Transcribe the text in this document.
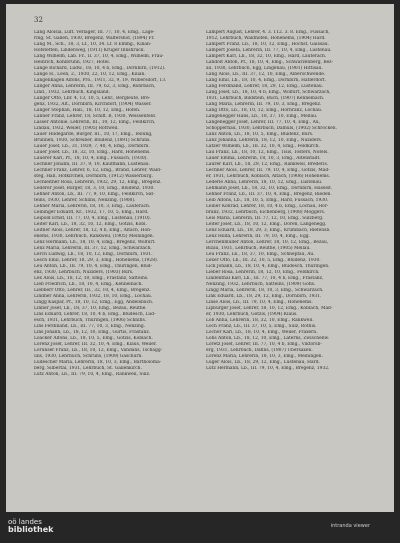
32
Lang Aloisia, Luft. Verlager, III. 77, 10, 4, Emg., Lage-
ring, St. Gallen, 1930, Bregenz, Waltershof, (1894) Fr.
Lang M., Sch., 18, 3, Lf., 10, 34. Lf. 8 Emmg., Kilian-
Hofstetten, Lindenweg, (1911) Kruger Innshruck.
Lang Wilhelm, Lab. Fr., II. 37, 10, 4, Emg., Wilhelm, Frau-
Heinrich, Kohlbrunn, 1927, Hotel.
Lange Richard, Ludw., 18, 10, 4 b, Emg., Dornbirn, (1912).
Lange H., Leon, 2., 1930, 22, 10, 12, Emg., Kilian.
Langenhagen Alfons, Pro., 1911, 32, 9, 19, Wilbersdorf, 13.
Langer Anna, Lehrerin, III. 79, 62, 3, Emg., Rohrbach,
Lind., 1932, Lehrbuch, Kingsland.
Langer Otto, Lbr. 4, 13, 10, 5, Lehr., Bergleute, Bre-
genz, 1932, Alt., Dornbirn, Kirchdorf, (1904) Wasser.
Langer Stephan, Hall., 18, 10, 12, Emg., Hofen.
Lanner Franz, Lehrer, 18, Schiff. B, 1930, Weissenfeld.
Lasser Antonie, Lehrerin, III., 10, 12, Emg., Feldkirch,
Lindau, 1932, Weiler, (1905) Rottweil.
Lauer Hildegarde, Bürger, III., 10, 17, Emg., Teilung,
Brunnen, 1930, Schreiber, Bludenz, (1891) Schruns.
Lauer Josef, Lb., 31, 1929, 7, 40, 4, Emg., Dornbirn.
Lauer Josef, Lb., 18, 32, 10, Emg., Hard, Hohenems.
Lauerer Karl, Pf., 18, 10, 4, Emg., Fussach, (1930).
Lechner Johann, III. 37, 9, 10, Kaufmann, Lustenau.
Lechner Franz, Lehrer, 6, 12, Emg., Brand, Lehrer, Wald-
steg, Hall, Hofkirchen, Dornbirn, (1912) Wasserburg.
Lechleitner Rosa, Lehrerin, 1932, 29, 12, Emg., Bregenz.
Lederer Josef, Bürger, 18, 3, 10, Emg., Bludenz, 1930.
Lehner Anton, Lb., III. 77, 9, 10, Emg., Feldkirch, Sat-
teins, 1930, Lehrer, Schlins, Nenzing, (1908).
Lehner Maria, Lehrerin, 18, 10, 3, Emg., Lauterach.
Leibinger Eduard, Kr., 1932, 17, 10, 5, Emg., Hard.
Leipold Ernst, III. 77, 10, 4, Emg., Lustenau, (1910).
Leiter Karl, Lb., 18, 32, 10, 12, Emg., Götzis, Kobl.
Leitner Alois, Lehrer, 18, 12, 4 b, Emg., Altach, Hoh-
enems, 1930, Lehrbuch, Rankweil, (1905) Meiningen.
Lenz Hermann, Lb., 18, 10, 4, Emg., Bregenz, Wolfurt.
Lenz Maria, Lehrerin, III. 37, 12, Emg., Schwarzach.
Lerch Ludwig, Lb., 18, 10, 12, Emg., Dornbirn, 1931.
Lesch Emil, Lehrer, 18, 29, 3, Emg., Hohenems, (1928).
Leu Anton, Lb., III. 79, 10, 4, Emg., Thüringen, Blud-
enz, 1930, Lehrbuch, Nüziders, (1903) Bürs.
Lex Alois, Lb., 18, 12, 10, Emg., Frastanz, Satteins.
Lieb Friedrich, Lb., 18, 10, 4, Emg., Kennelbach.
Liebherr Otto, Lehrer, III., 32, 10, 4, Emg., Bregenz.
Lindner Anna, Lehrerin, 1932, 18, 10, Emg., Lochau.
Lingg Kaspar, Pf., 18, 10, 12, Emg., Egg, Andelsbuch.
Linher Josef, Lb., 18, 37, 10, Emg., Bezau, Reuthe.
Lins Eduard, Lehrer, 18, 10, 4 b, Emg., Bludesch, Lud-
esch, 1931, Lehrbuch, Thüringen, (1906) Schnifis.
Lins Ferdinand, Lb., III. 77, 10, 3, Emg., Nenzing.
Lins Johann, Lb., 18, 12, 10, Emg., Gurtis, Frastanz.
Loacker Alfons, Lb., 18, 10, 5, Emg., Götzis, Koblach.
Lorenz Josef, Lehrer, III. 32, 10, 4, Emg., Klaus, Weiler.
Lorünser Franz, Lb., 18, 10, 12, Emg., Vandans, Tschagg-
uns, 1930, Lehrbuch, Schruns, (1909) Gaschurn.
Ludescher Maria, Lehrerin, 18, 10, 3, Emg., Bartholomä-
berg, Silbertal, 1931, Lehrbuch, St. Gallenkirch.
Lutz Anton, Lb., III. 79, 10, 4, Emg., Rankweil, Sulz.
Lampert August, Lehrer, 4. 3. 112. 3. 8. Emg., Fussach,
1912, Lehrbuch, Waldhofen, Hohenems, (1904) Hard.
Lampert Franz, Lb., 18, 10, 12, Emg., Höchst, Gaissau.
Lampert Josefa, Lehrerin, III. 77, 10, 4, Emg., Lustenau.
Lampert Karl, Lb., 18, 32, 10, Emg., Hard, Lauterach.
Landolt Anton, Pf., 18, 10, 4, Emg., Schwarzenberg, Bez-
au, 1930, Lehrbuch, Egg, Lingenau, (1901) Hittisau.
Lang Alois, Lb., III. 37, 12, 10, Emg., Alberschwende.
Lang Emil, Lb., 18, 10, 4, Emg., Dornbirn, Hatlerdorf.
Lang Ferdinand, Lehrer, 18, 29, 12, Emg., Lustenau.
Lang Josef, Lb., 18, 10, 4 b, Emg., Wolfurt, Schwarzach,
1931, Lehrbuch, Bildstein, Buch, (1907) Kennelbach.
Lang Maria, Lehrerin, III. 79, 10, 3, Emg., Bregenz.
Lang Otto, Lb., 18, 10, 12, Emg., Hörbranz, Lochau.
Langenegger Hans, Lb., 18, 37, 10, Emg., Mellau.
Langenegger Josef, Lehrer, III. 77, 10, 4, Emg., Au,
Schoppernau, 1930, Lehrbuch, Damüls, (1902) Schröcken.
Lanz Anton, Lb., 18, 10, 5, Emg., Bludenz, Bürs.
Lanz Johanna, Lehrerin, 18, 12, 10, Emg., Nüziders.
Latzer Wilhelm, Lb., III. 32, 10, 4, Emg., Feldkirch.
Lau Franz, Lb., 18, 10, 12, Emg., Tisis, Tosters, Nofels.
Lauer Emma, Lehrerin, 18, 10, 3, Emg., Altenstadt.
Laurer Karl, Lb., 18, 29, 12, Emg., Rankweil, Brederis.
Lechner Alois, Lehrer, III. 79, 10, 4, Emg., Götzis, Mäd-
er, 1931, Lehrbuch, Koblach, Altach, (1906) Hohenems.
Lederle Anna, Lehrerin, 18, 10, 12, Emg., Lustenau.
Lehmann Josef, Lb., 18, 32, 10, Emg., Dornbirn, Haselst.
Lehner Franz, Lb., III. 37, 10, 4, Emg., Bregenz, Rieden.
Leib Alfons, Lb., 18, 10, 5, Emg., Hard, Fussach, 1930.
Leiner Konrad, Lehrer, 18, 10, 4 b, Emg., Lochau, Hör-
branz, 1932, Lehrbuch, Eichenberg, (1908) Möggers.
Leis Maria, Lehrerin, III. 77, 12, 10, Emg., Sulzberg.
Leiter Josef, Lb., 18, 10, 12, Emg., Doren, Langenegg.
Lenz Eduard, Lb., 18, 29, 3, Emg., Krumbach, Riefensb.
Lenz Hilda, Lehrerin, III. 79, 10, 4, Emg., Egg.
Lerchenmüller Anton, Lehrer, 18, 10, 12, Emg., Bezau,
Bizau, 1931, Lehrbuch, Reuthe, (1905) Mellau.
Leu Franz, Lb., 18, 37, 10, Emg., Schnepfau, Au.
Lexer Otto, Lb., III. 32, 10, 5, Emg., Bludenz, 1930.
Lick Johann, Lb., 18, 10, 4, Emg., Bludesch, Thüringen.
Lieber Rosa, Lehrerin, 18, 12, 10, Emg., Feldkirch.
Lindenthal Karl, Lb., III. 77, 10, 4 b, Emg., Frastanz,
Nenzing, 1932, Lehrbuch, Satteins, (1909) Göfis.
Lingg Maria, Lehrerin, 18, 10, 3, Emg., Schwarzach.
Link Eduard, Lb., 18, 29, 12, Emg., Dornbirn, 1931.
Linse Alois, Lb., III. 79, 10, 4, Emg., Hohenems.
Lipburger Josef, Lehrer, 18, 10, 12, Emg., Koblach, Mäd-
er, 1930, Lehrbuch, Götzis, (1904) Klaus.
Lob Anna, Lehrerin, 18, 32, 10, Emg., Rankweil.
Loch Franz, Lb., III. 37, 10, 5, Emg., Sulz, Röthis.
Löcher Karl, Lb., 18, 10, 4, Emg., Weiler, Fraxern.
Lohs Anton, Lb., 18, 12, 10, Emg., Laterns, Zwischenw.
Loretz Josef, Lehrer, III. 77, 10, 4 b, Emg., Viktorsb-
erg, 1931, Lehrbuch, Dafins, (1907) Übersaxen.
Lorenz Maria, Lehrerin, 18, 10, 3, Emg., Meiningen.
Luger Alois, Lb., 18, 29, 12, Emg., Lustenau, Hard.
Lutz Hermann, Lb., III. 79, 10, 4, Emg., Bregenz, 1932.
oö landes
bibliothek	intranda viewer
